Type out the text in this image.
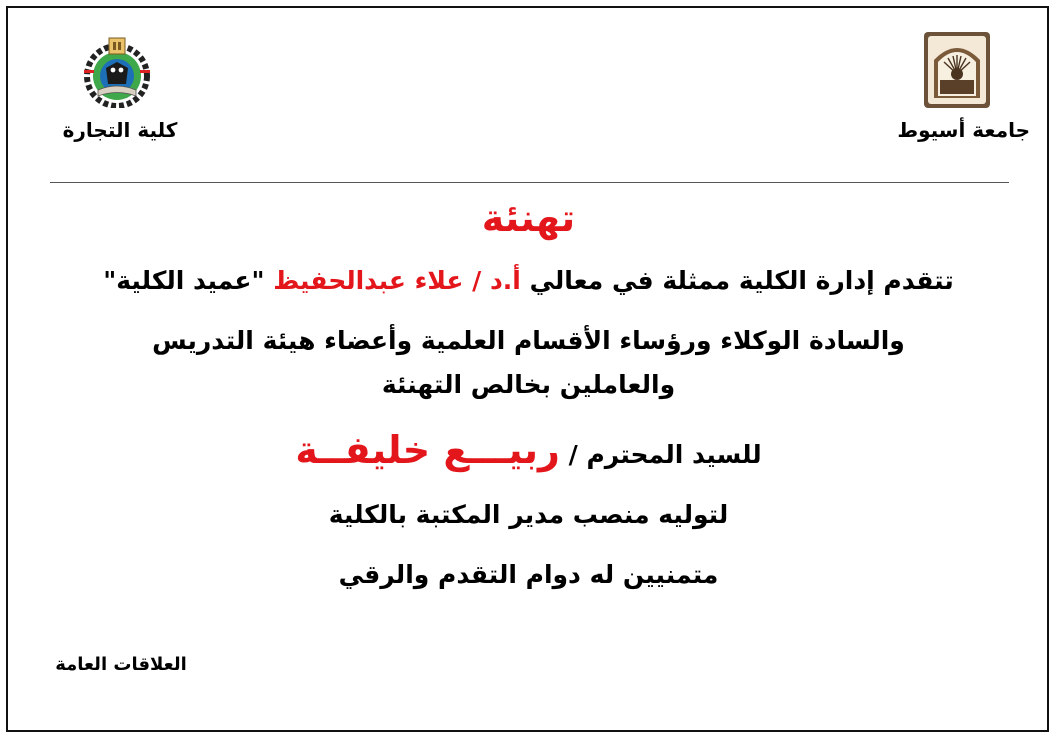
جامعة أسيوط
كلية التجارة
تهنئة
تتقدم إدارة الكلية ممثلة في معالي أ.د / علاء عبدالحفيظ "عميد الكلية"
والسادة الوكلاء ورؤساء الأقسام العلمية وأعضاء هيئة التدريس
والعاملين بخالص التهنئة
للسيد المحترم / ربيـــع خليفــة
لتوليه منصب مدير المكتبة بالكلية
متمنيين له دوام التقدم والرقي
العلاقات العامة
